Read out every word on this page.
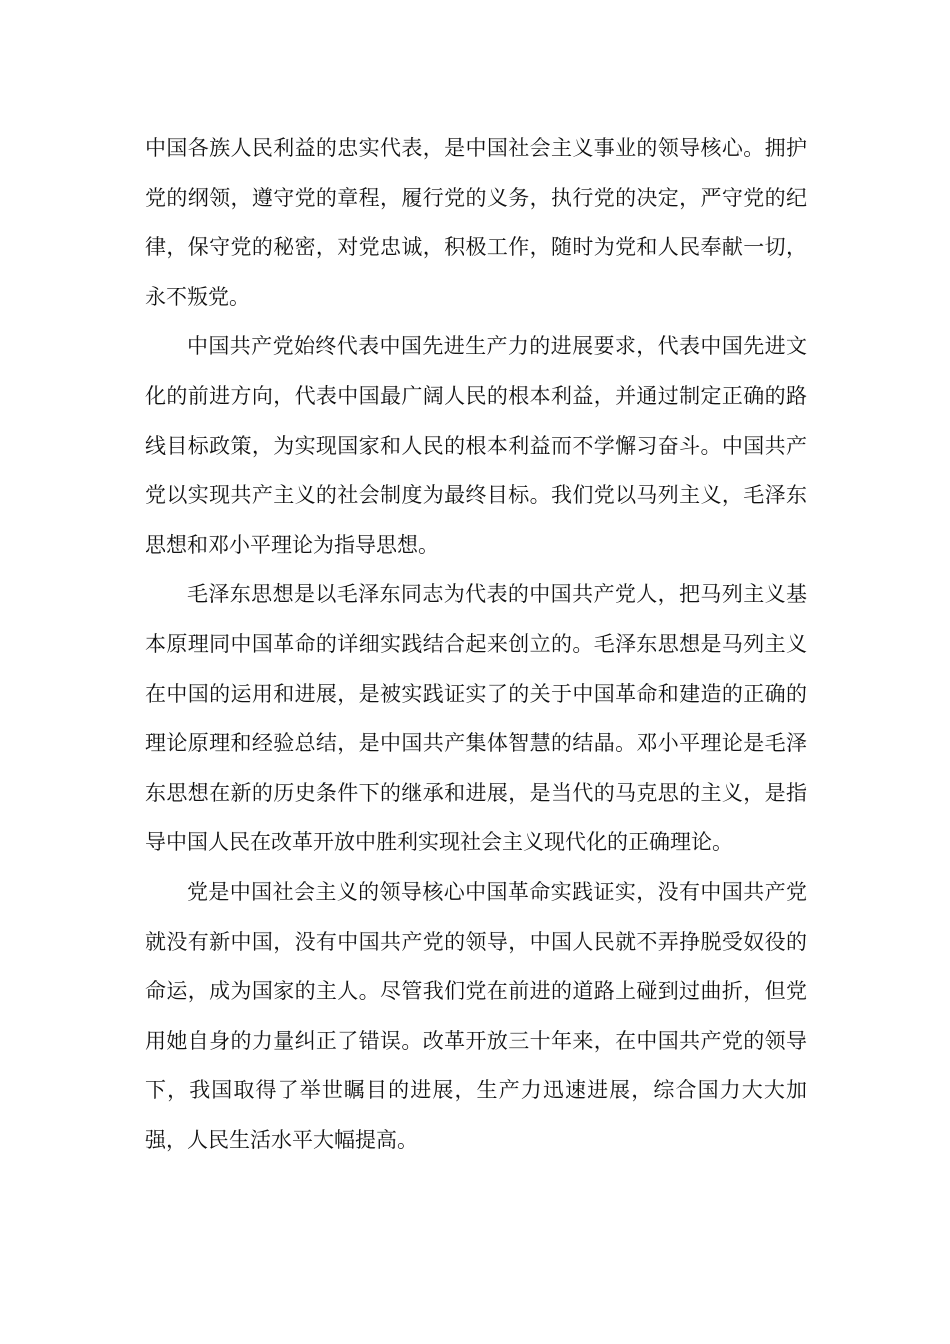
中国各族人民利益的忠实代表，是中国社会主义事业的领导核心。拥护党的纲领，遵守党的章程，履行党的义务，执行党的决定，严守党的纪律，保守党的秘密，对党忠诚，积极工作，随时为党和人民奉献一切，永不叛党。

中国共产党始终代表中国先进生产力的进展要求，代表中国先进文化的前进方向，代表中国最广阔人民的根本利益，并通过制定正确的路线目标政策，为实现国家和人民的根本利益而不学懈习奋斗。中国共产党以实现共产主义的社会制度为最终目标。我们党以马列主义，毛泽东思想和邓小平理论为指导思想。

毛泽东思想是以毛泽东同志为代表的中国共产党人，把马列主义基本原理同中国革命的详细实践结合起来创立的。毛泽东思想是马列主义在中国的运用和进展，是被实践证实了的关于中国革命和建造的正确的理论原理和经验总结，是中国共产集体智慧的结晶。邓小平理论是毛泽东思想在新的历史条件下的继承和进展，是当代的马克思的主义，是指导中国人民在改革开放中胜利实现社会主义现代化的正确理论。

党是中国社会主义的领导核心中国革命实践证实，没有中国共产党就没有新中国，没有中国共产党的领导，中国人民就不弄挣脱受奴役的命运，成为国家的主人。尽管我们党在前进的道路上碰到过曲折，但党用她自身的力量纠正了错误。改革开放三十年来，在中国共产党的领导下，我国取得了举世瞩目的进展，生产力迅速进展，综合国力大大加强，人民生活水平大幅提高。
